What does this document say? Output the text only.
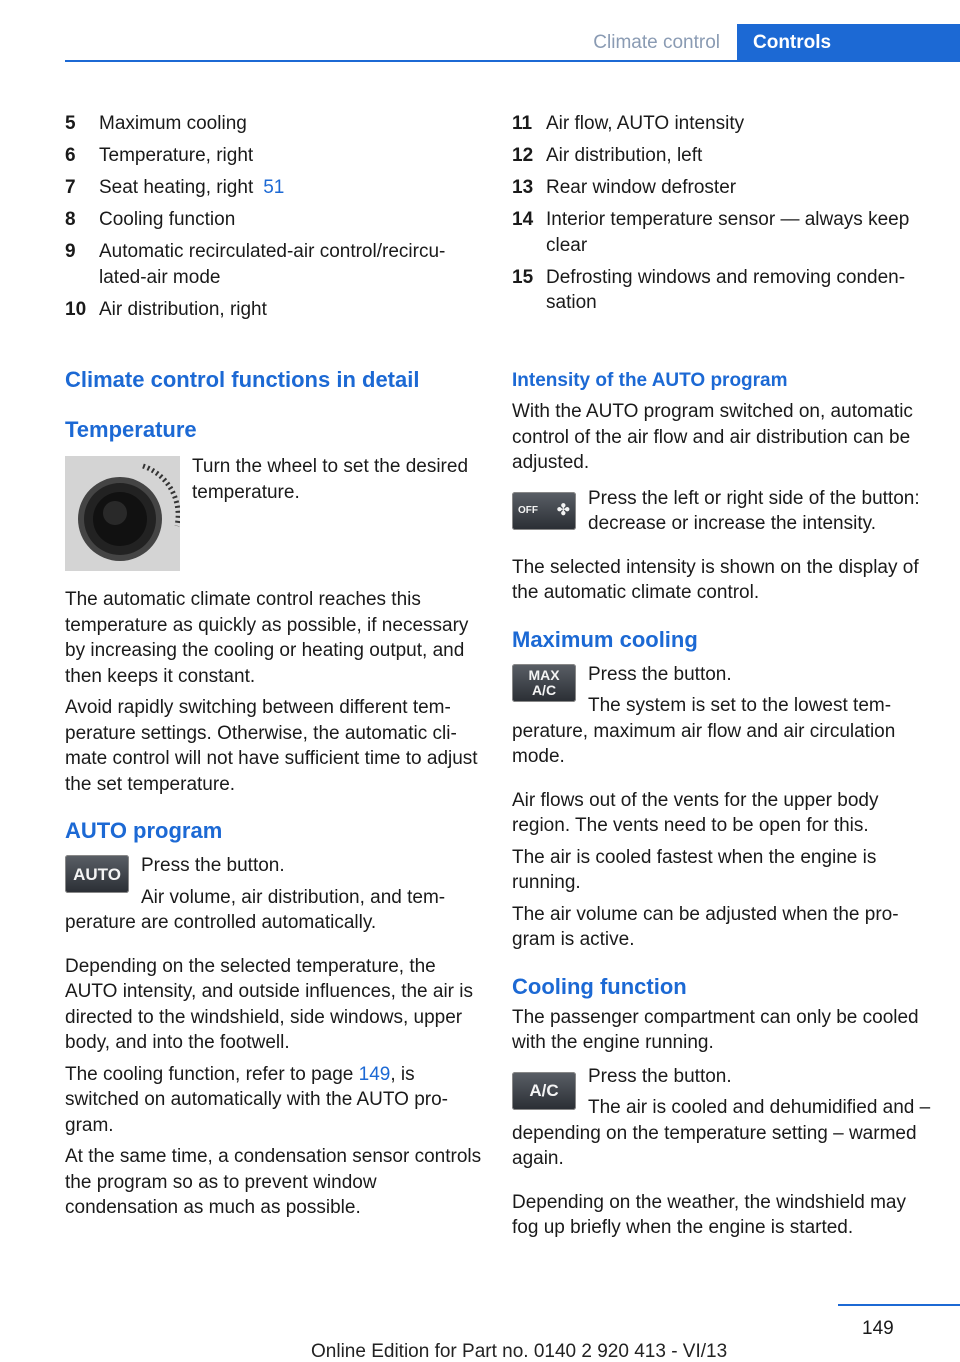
Climate control Controls
5	Maximum cooling
6	Temperature, right
7	Seat heating, right 51
8	Cooling function
9	Automatic recirculated-air control/recirculated-air mode
10 Air distribution, right
11 Air flow, AUTO intensity
12 Air distribution, left
13 Rear window defroster
14 Interior temperature sensor — always keep clear
15 Defrosting windows and removing condensation
Climate control functions in detail
Temperature

Turn the wheel to set the desired temperature.

The automatic climate control reaches this temperature as quickly as possible, if necessary by increasing the cooling or heating output, and then keeps it constant.

Avoid rapidly switching between different temperature settings. Otherwise, the automatic climate control will not have sufficient time to adjust the set temperature.

AUTO program
AUTO	Press the button.

Air volume, air distribution, and temperature are controlled automatically.

Depending on the selected temperature, the AUTO intensity, and outside influences, the air is directed to the windshield, side windows, upper body, and into the footwell.

The cooling function, refer to page 149, is switched on automatically with the AUTO program.

At the same time, a condensation sensor controls the program so as to prevent window condensation as much as possible.

Intensity of the AUTO program

With the AUTO program switched on, automatic control of the air flow and air distribution can be adjusted.

OFF ✤

Press the left or right side of the button: decrease or increase the intensity.

The selected intensity is shown on the display of the automatic climate control.

Maximum cooling
MAX
A/C

Press the button.

The system is set to the lowest temperature, maximum air flow and air circulation mode.

Air flows out of the vents for the upper body region. The vents need to be open for this.

The air is cooled fastest when the engine is running.

The air volume can be adjusted when the program is active.

Cooling function

The passenger compartment can only be cooled with the engine running.

A/C

Press the button.

The air is cooled and dehumidified and – depending on the temperature setting – warmed again.

Depending on the weather, the windshield may fog up briefly when the engine is started.

149
Online Edition for Part no. 0140 2 920 413 - VI/13
